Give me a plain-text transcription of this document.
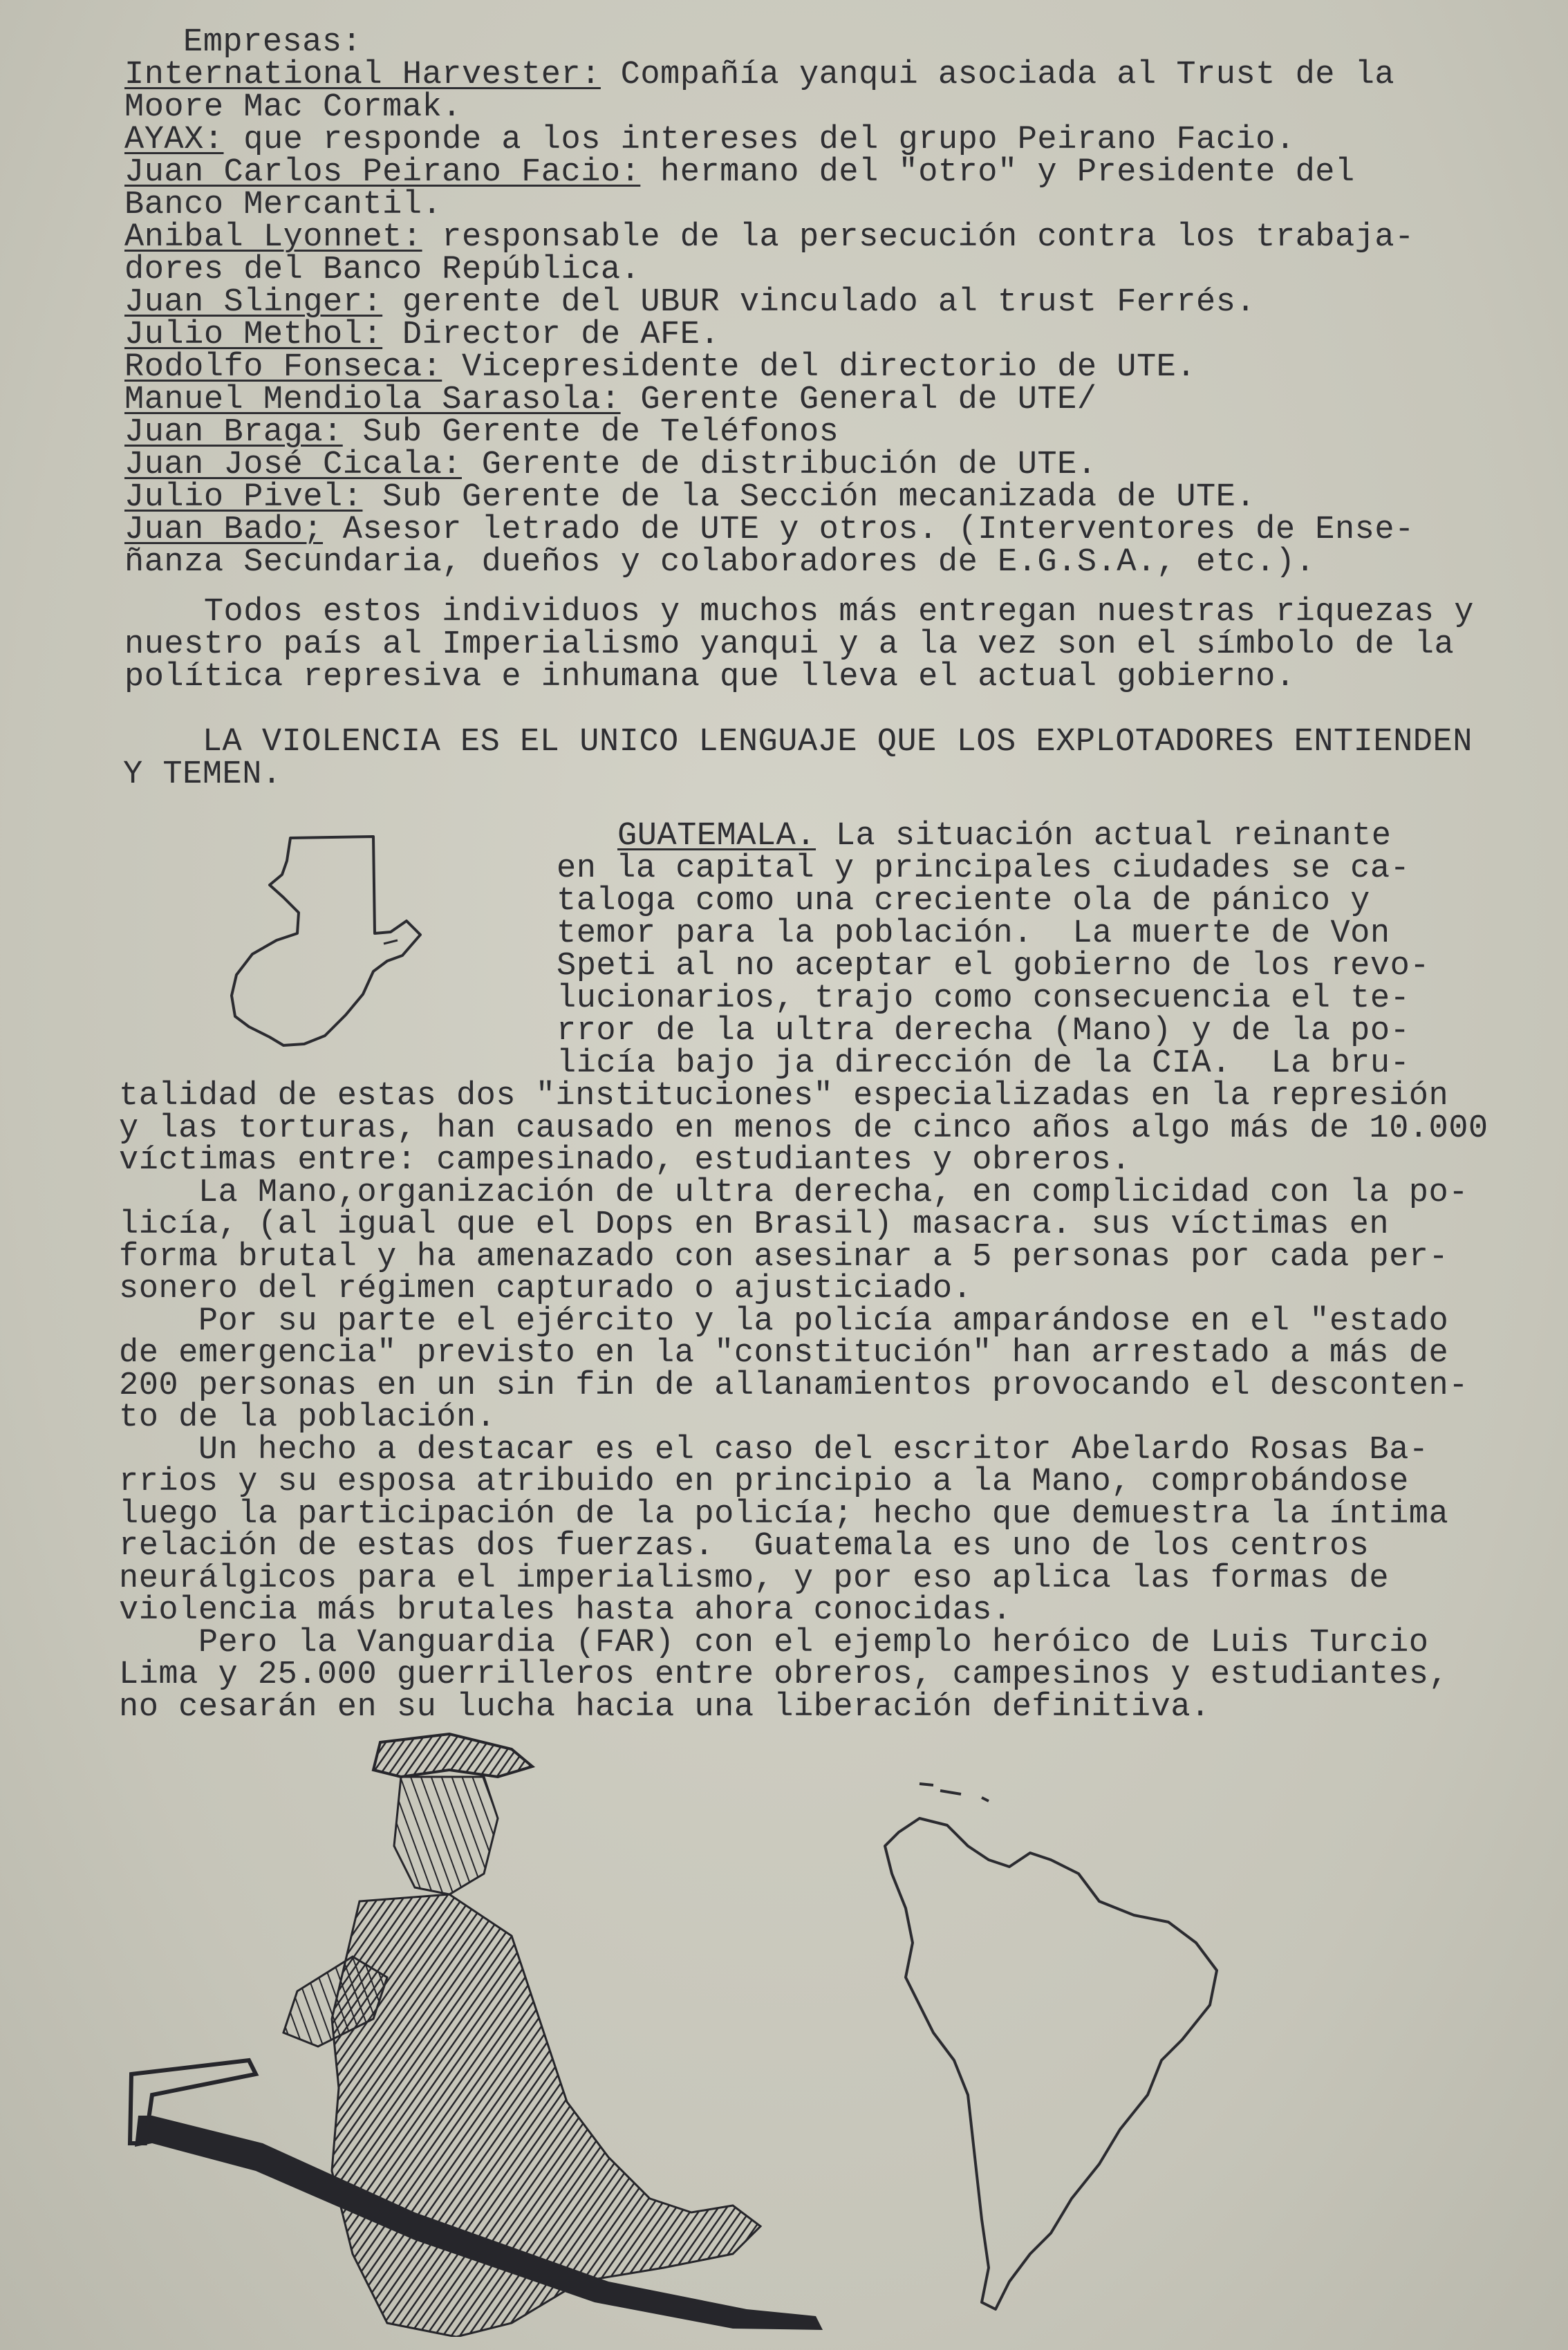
Empresas:
International Harvester: Compañía yanqui asociada al Trust de la
Moore Mac Cormak.
AYAX: que responde a los intereses del grupo Peirano Facio.
Juan Carlos Peirano Facio: hermano del "otro" y Presidente del
Banco Mercantil.
Anibal Lyonnet: responsable de la persecución contra los trabaja-
dores del Banco República.
Juan Slinger: gerente del UBUR vinculado al trust Ferrés.
Julio Methol: Director de AFE.
Rodolfo Fonseca: Vicepresidente del directorio de UTE.
Manuel Mendiola Sarasola: Gerente General de UTE/
Juan Braga: Sub Gerente de Teléfonos
Juan José Cicala: Gerente de distribución de UTE.
Julio Pivel: Sub Gerente de la Sección mecanizada de UTE.
Juan Bado; Asesor letrado de UTE y otros. (Interventores de Ense-
ñanza Secundaria, dueños y colaboradores de E.G.S.A., etc.).
Todos estos individuos y muchos más entregan nuestras riquezas y
nuestro país al Imperialismo yanqui y a la vez son el símbolo de la
política represiva e inhumana que lleva el actual gobierno.
LA VIOLENCIA ES EL UNICO LENGUAJE QUE LOS EXPLOTADORES ENTIENDEN
Y TEMEN.
GUATEMALA. La situación actual reinante
en la capital y principales ciudades se ca-
taloga como una creciente ola de pánico y
temor para la población.  La muerte de Von
Speti al no aceptar el gobierno de los revo-
lucionarios, trajo como consecuencia el te-
rror de la ultra derecha (Mano) y de la po-
licía bajo ja dirección de la CIA.  La bru-
talidad de estas dos "instituciones" especializadas en la represión
y las torturas, han causado en menos de cinco años algo más de 10.000
víctimas entre: campesinado, estudiantes y obreros.
La Mano,organización de ultra derecha, en complicidad con la po-
licía, (al igual que el Dops en Brasil) masacra. sus víctimas en
forma brutal y ha amenazado con asesinar a 5 personas por cada per-
sonero del régimen capturado o ajusticiado.
Por su parte el ejército y la policía amparándose en el "estado
de emergencia" previsto en la "constitución" han arrestado a más de
200 personas en un sin fin de allanamientos provocando el desconten-
to de la población.
Un hecho a destacar es el caso del escritor Abelardo Rosas Ba-
rrios y su esposa atribuido en principio a la Mano, comprobándose
luego la participación de la policía; hecho que demuestra la íntima
relación de estas dos fuerzas.  Guatemala es uno de los centros
neurálgicos para el imperialismo, y por eso aplica las formas de
violencia más brutales hasta ahora conocidas.
Pero la Vanguardia (FAR) con el ejemplo heróico de Luis Turcio
Lima y 25.000 guerrilleros entre obreros, campesinos y estudiantes,
no cesarán en su lucha hacia una liberación definitiva.
